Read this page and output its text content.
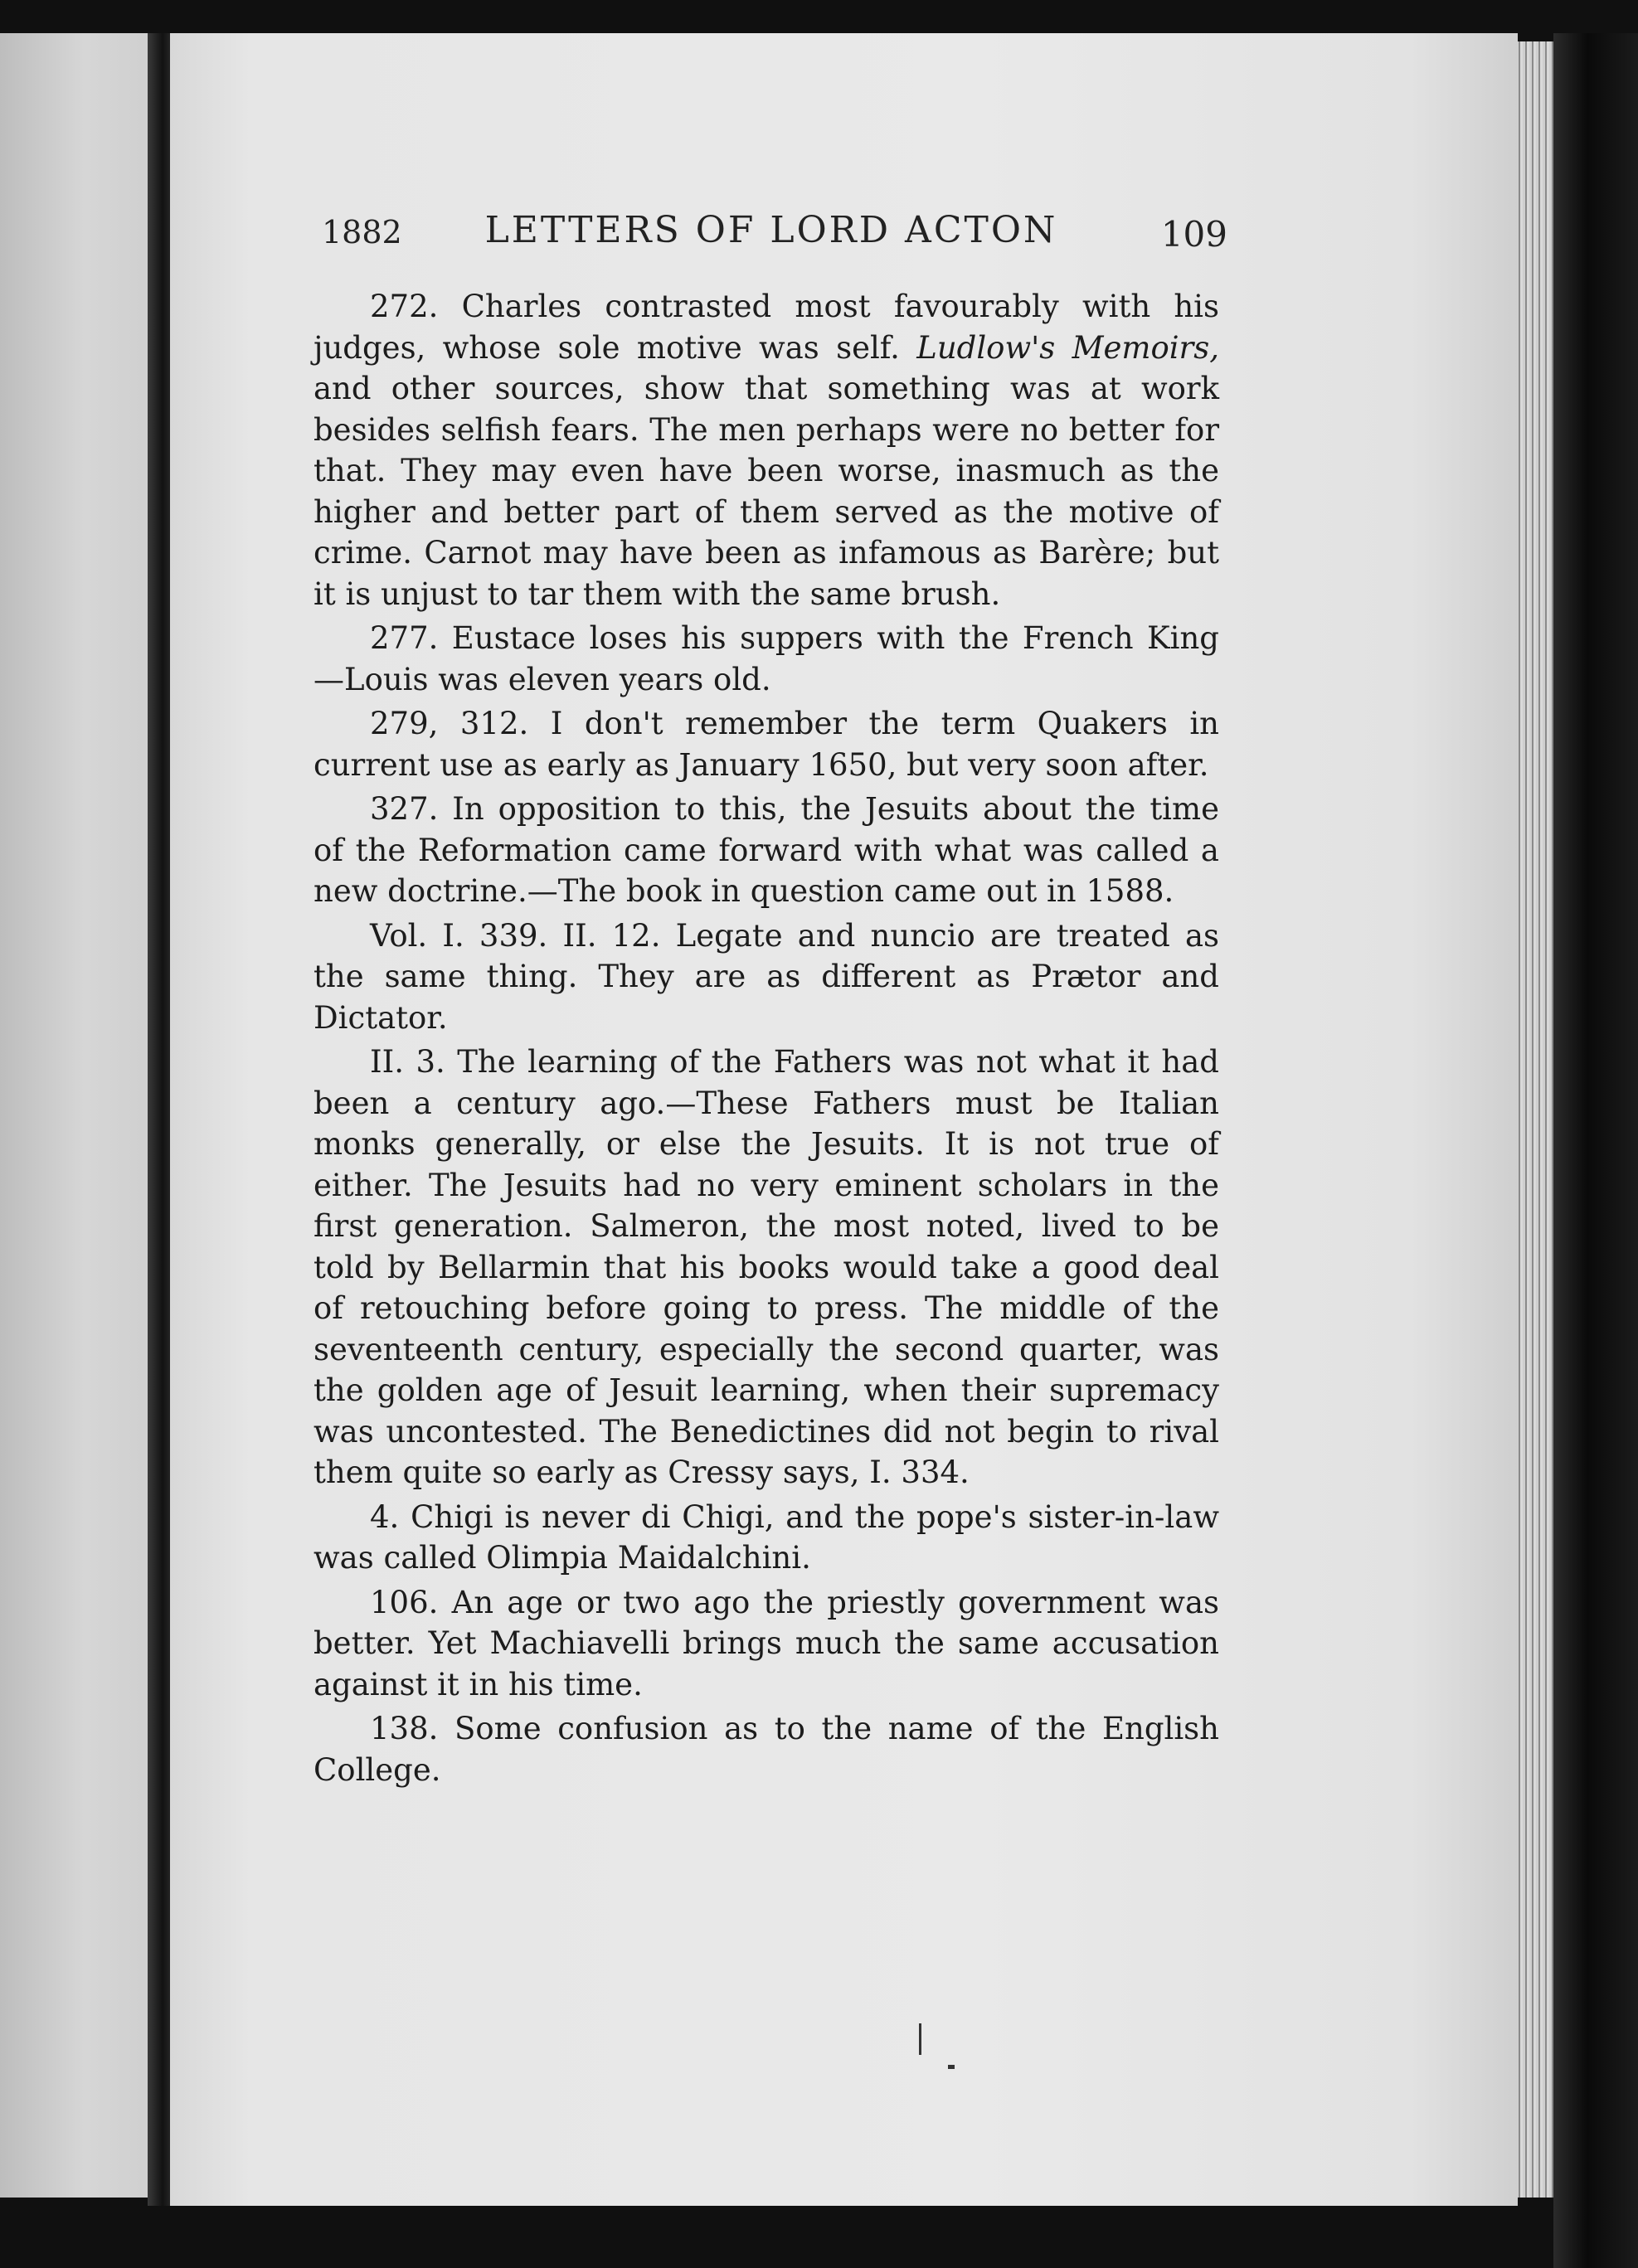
1882	LETTERS OF LORD ACTON	109

272. Charles contrasted most favourably with his judges, whose sole motive was self. Ludlow's Memoirs, and other sources, show that something was at work besides selfish fears. The men perhaps were no better for that. They may even have been worse, inasmuch as the higher and better part of them served as the motive of crime. Carnot may have been as infamous as Barère; but it is unjust to tar them with the same brush.

277. Eustace loses his suppers with the French King —Louis was eleven years old.

279, 312. I don't remember the term Quakers in current use as early as January 1650, but very soon after.

327. In opposition to this, the Jesuits about the time of the Reformation came forward with what was called a new doctrine.—The book in question came out in 1588.

Vol. I. 339. II. 12. Legate and nuncio are treated as the same thing. They are as different as Prætor and Dictator.

II. 3. The learning of the Fathers was not what it had been a century ago.—These Fathers must be Italian monks generally, or else the Jesuits. It is not true of either. The Jesuits had no very eminent scholars in the first generation. Salmeron, the most noted, lived to be told by Bellarmin that his books would take a good deal of retouching before going to press. The middle of the seventeenth century, especially the second quarter, was the golden age of Jesuit learning, when their supremacy was uncontested. The Benedictines did not begin to rival them quite so early as Cressy says, I. 334.

4. Chigi is never di Chigi, and the pope's sister-in-law was called Olimpia Maidalchini.

106. An age or two ago the priestly government was better. Yet Machiavelli brings much the same accusation against it in his time.

138. Some confusion as to the name of the English College.
